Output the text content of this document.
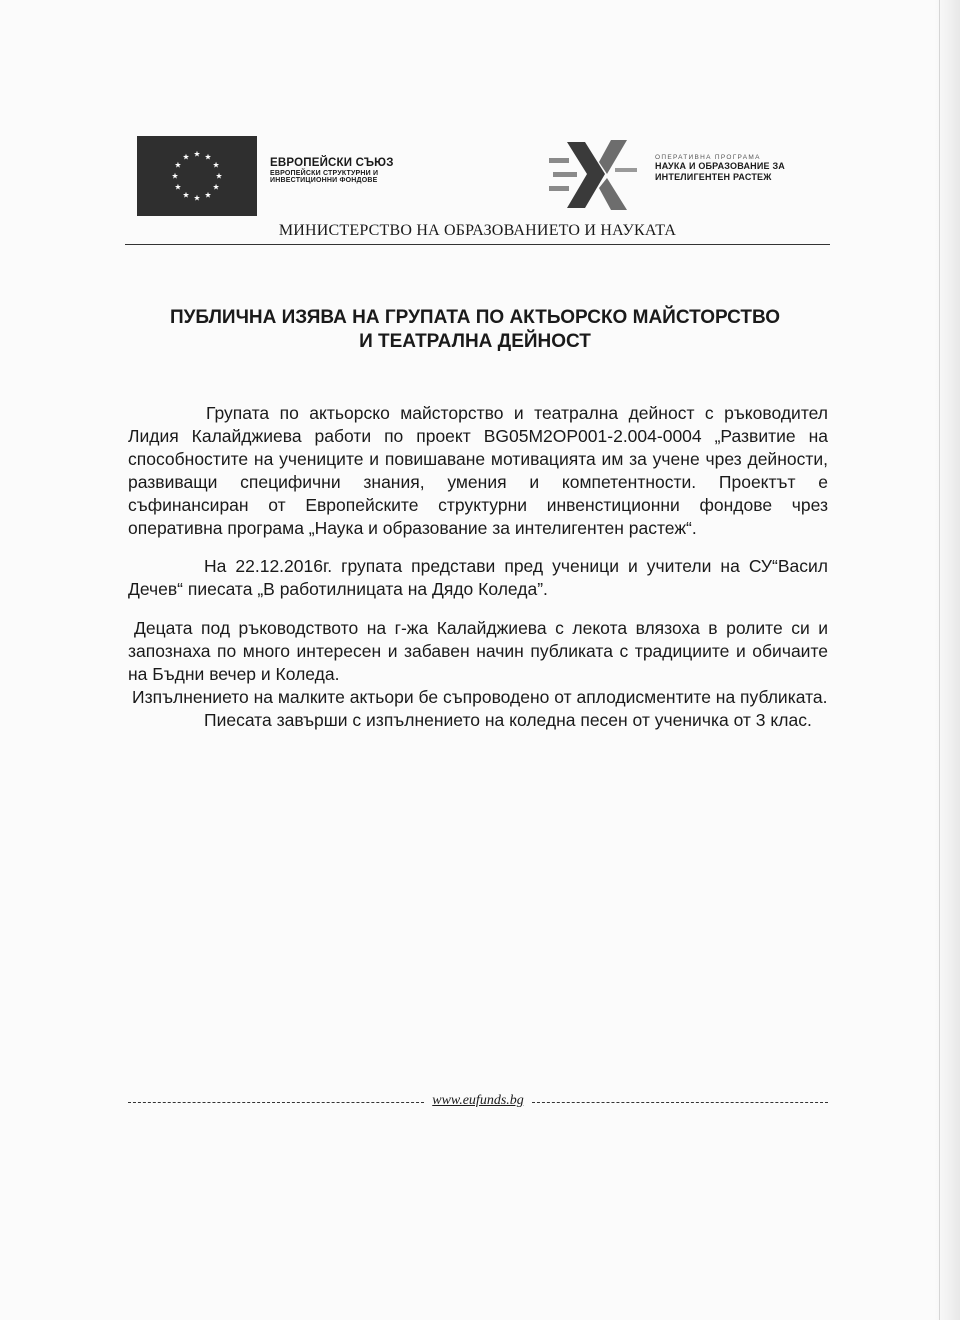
ЕВРОПЕЙСКИ СЪЮЗ
ЕВРОПЕЙСКИ СТРУКТУРНИ И
ИНВЕСТИЦИОННИ ФОНДОВЕ
ОПЕРАТИВНА ПРОГРАМА
НАУКА И ОБРАЗОВАНИЕ ЗА
ИНТЕЛИГЕНТЕН РАСТЕЖ
МИНИСТЕРСТВО НА ОБРАЗОВАНИЕТО И НАУКАТА
ПУБЛИЧНА ИЗЯВА НА ГРУПАТА ПО АКТЬОРСКО МАЙСТОРСТВО
И ТЕАТРАЛНА ДЕЙНОСТ

Групата по актьорско майсторство и театрална дейност с ръководител Лидия Калайджиева работи по проект BG05M2OP001-2.004-0004 „Развитие на способностите на учениците и повишаване мотивацията им за учене чрез дейности, развиващи специфични знания, умения и компетентности. Проектът е съфинансиран от Европейските структурни инвенстиционни фондове чрез оперативна програма „Наука и образование за интелигентен растеж“.

На 22.12.2016г. групата представи пред ученици и учители на СУ“Васил Дечев“ пиесата „В работилницата на Дядо Коледа”.

Децата под ръководството на г-жа Калайджиева с лекота влязоха в ролите си и запознаха по много интересен и забавен начин публиката с традициите и обичаите на Бъдни вечер и Коледа.

Изпълнението на малките актьори бе съпроводено от аплодисментите на публиката.

Пиесата завърши с изпълнението на коледна песен от ученичка от 3 клас.

www.eufunds.bg
